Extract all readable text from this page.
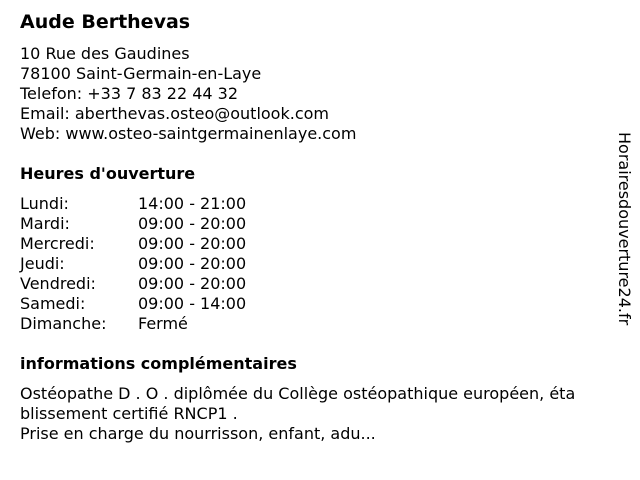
Aude Berthevas
10 Rue des Gaudines
78100 Saint-Germain-en-Laye
Telefon: +33 7 83 22 44 32
Email: aberthevas.osteo@outlook.com
Web: www.osteo-saintgermainenlaye.com
Heures d'ouverture
Lundi:	14:00 - 21:00
Mardi:	09:00 - 20:00
Mercredi:	09:00 - 20:00
Jeudi:	09:00 - 20:00
Vendredi:	09:00 - 20:00
Samedi:	09:00 - 14:00
Dimanche: Fermé
informations complémentaires
Ostéopathe D . O . diplômée du Collège ostéopathique européen, éta
blissement certifié RNCP1 .
Prise en charge du nourrisson, enfant, adu...
Horairesdouverture24.fr
